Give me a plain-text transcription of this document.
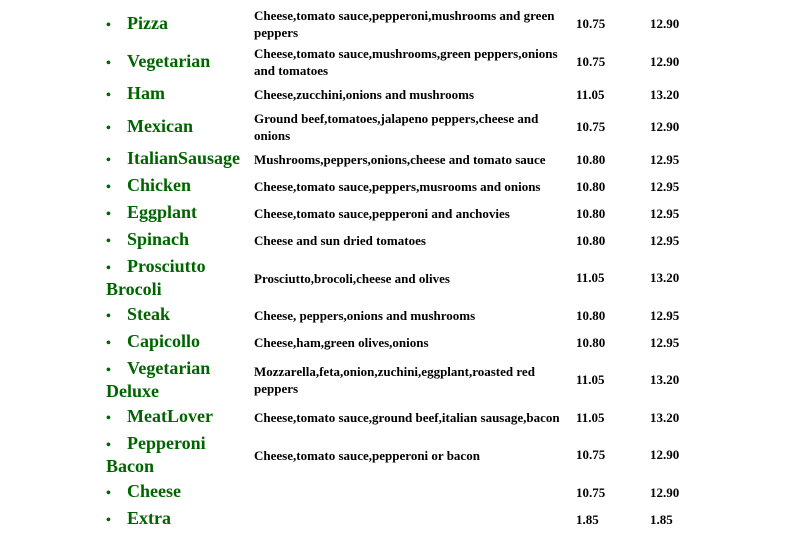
• Pizza	Cheese,tomato sauce,pepperoni,mushrooms and green peppers	10.75	12.90
• Vegetarian	Cheese,tomato sauce,mushrooms,green peppers,onions and tomatoes	10.75	12.90
• Ham	Cheese,zucchini,onions and mushrooms	11.05	13.20
• Mexican	Ground beef,tomatoes,jalapeno peppers,cheese and onions	10.75	12.90
• ItalianSausage	Mushrooms,peppers,onions,cheese and tomato sauce	10.80	12.95
• Chicken	Cheese,tomato sauce,peppers,musrooms and onions	10.80	12.95
• Eggplant	Cheese,tomato sauce,pepperoni and anchovies	10.80	12.95
• Spinach	Cheese and sun dried tomatoes	10.80	12.95
• Prosciutto Brocoli	Prosciutto,brocoli,cheese and olives	11.05	13.20
• Steak	Cheese, peppers,onions and mushrooms	10.80	12.95
• Capicollo	Cheese,ham,green olives,onions	10.80	12.95
• Vegetarian Deluxe	Mozzarella,feta,onion,zuchini,eggplant,roasted red peppers	11.05	13.20
• MeatLover	Cheese,tomato sauce,ground beef,italian sausage,bacon	11.05	13.20
• Pepperoni Bacon	Cheese,tomato sauce,pepperoni or bacon	10.75	12.90
• Cheese		10.75	12.90
• Extra		1.85	1.85
